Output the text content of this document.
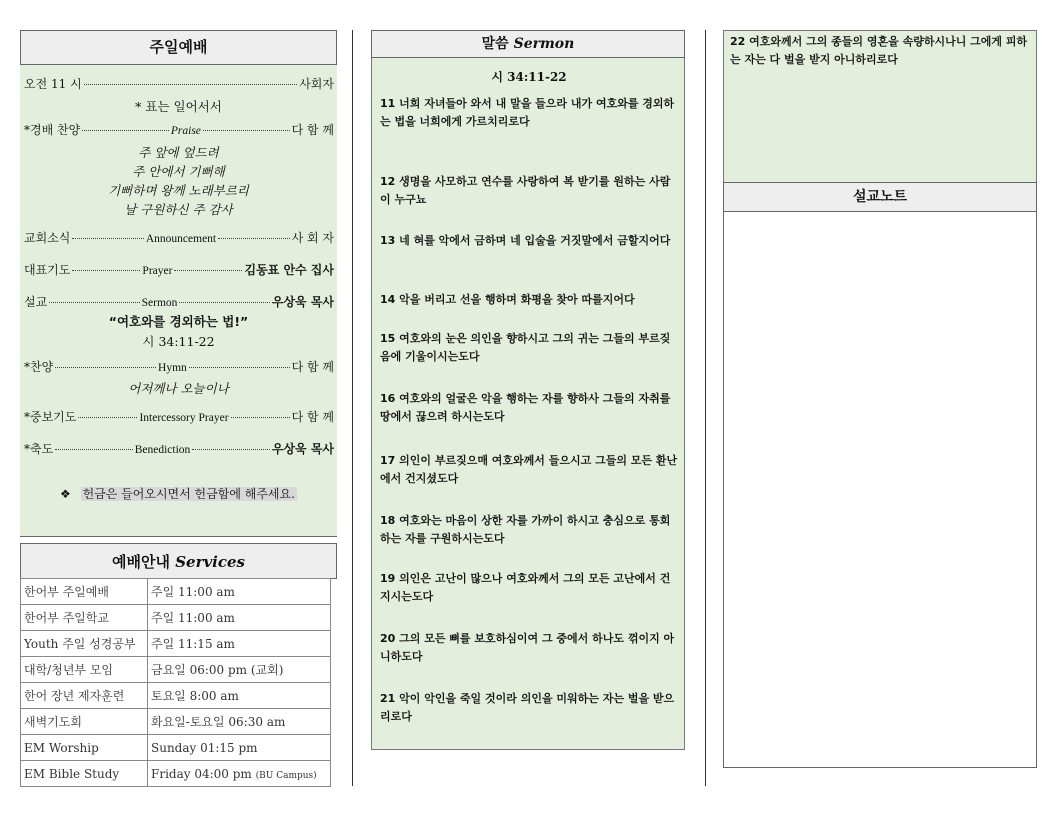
주일예배
오전 11 시	사회자
* 표는 일어서서
*경배 찬양	Praise	다 함 께
주 앞에 엎드려
주 안에서 기뻐해
기뻐하며 왕께 노래부르리
날 구원하신 주 감사
교회소식	Announcement	사 회 자
대표기도	Prayer	김동표 안수 집사
설교	Sermon	우상욱 목사
“여호와를 경외하는 법!”
시 34:11-22
*찬양	Hymn	다 함 께
어저께나 오늘이나
*중보기도	Intercessory Prayer	다 함 께
*축도	Benediction	우상욱 목사
❖ 헌금은 들어오시면서 헌금함에 해주세요.
예배안내 Services
한어부 주일예배	주일 11:00 am
한어부 주일학교	주일 11:00 am
Youth 주일 성경공부	주일 11:15 am
대학/청년부 모임	금요일 06:00 pm (교회)
한어 장년 제자훈련	토요일 8:00 am
새벽기도회	화요일-토요일 06:30 am
EM Worship	Sunday 01:15 pm
EM Bible Study	Friday 04:00 pm (BU Campus)
말씀 Sermon
시 34:11-22
11 너희 자녀들아 와서 내 말을 들으라 내가 여호와를 경외하는 법을 너희에게 가르치리로다
12 생명을 사모하고 연수를 사랑하여 복 받기를 원하는 사람이 누구뇨
13 네 혀를 악에서 금하며 네 입술을 거짓말에서 금할지어다
14 악을 버리고 선을 행하며 화평을 찾아 따를지어다
15 여호와의 눈은 의인을 향하시고 그의 귀는 그들의 부르짖음에 기울이시는도다
16 여호와의 얼굴은 악을 행하는 자를 향하사 그들의 자취를 땅에서 끊으려 하시는도다
17 의인이 부르짖으매 여호와께서 들으시고 그들의 모든 환난에서 건지셨도다
18 여호와는 마음이 상한 자를 가까이 하시고 충심으로 통회하는 자를 구원하시는도다
19 의인은 고난이 많으나 여호와께서 그의 모든 고난에서 건지시는도다
20 그의 모든 뼈를 보호하심이여 그 중에서 하나도 꺾이지 아니하도다
21 악이 악인을 죽일 것이라 의인을 미워하는 자는 벌을 받으리로다
22 여호와께서 그의 종들의 영혼을 속량하시나니 그에게 피하는 자는 다 벌을 받지 아니하리로다
설교노트
